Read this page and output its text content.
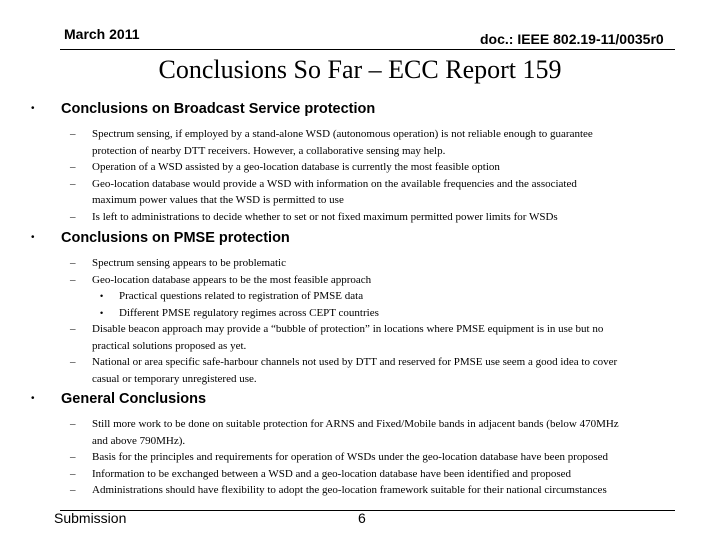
March 2011	doc.: IEEE 802.19-11/0035r0
Conclusions So Far – ECC Report 159
• Conclusions on Broadcast Service protection
– Spectrum sensing, if employed by a stand-alone WSD (autonomous operation) is not reliable enough to guarantee
protection of nearby DTT receivers. However, a collaborative sensing may help.
– Operation of a WSD assisted by a geo-location database is currently the most feasible option
– Geo-location database would provide a WSD with information on the available frequencies and the associated
maximum power values that the WSD is permitted to use
– Is left to administrations to decide whether to set or not fixed maximum permitted power limits for WSDs
• Conclusions on PMSE protection
– Spectrum sensing appears to be problematic
– Geo-location database appears to be the most feasible approach
• Practical questions related to registration of PMSE data
• Different PMSE regulatory regimes across CEPT countries
– Disable beacon approach may provide a “bubble of protection” in locations where PMSE equipment is in use but no
practical solutions proposed as yet.
– National or area specific safe-harbour channels not used by DTT and reserved for PMSE use seem a good idea to cover
casual or temporary unregistered use.
• General Conclusions
– Still more work to be done on suitable protection for ARNS and Fixed/Mobile bands in adjacent bands (below 470MHz
and above 790MHz).
– Basis for the principles and requirements for operation of WSDs under the geo-location database have been proposed
– Information to be exchanged between a WSD and a geo-location database have been identified and proposed
– Administrations should have flexibility to adopt the geo-location framework suitable for their national circumstances
Submission	6
